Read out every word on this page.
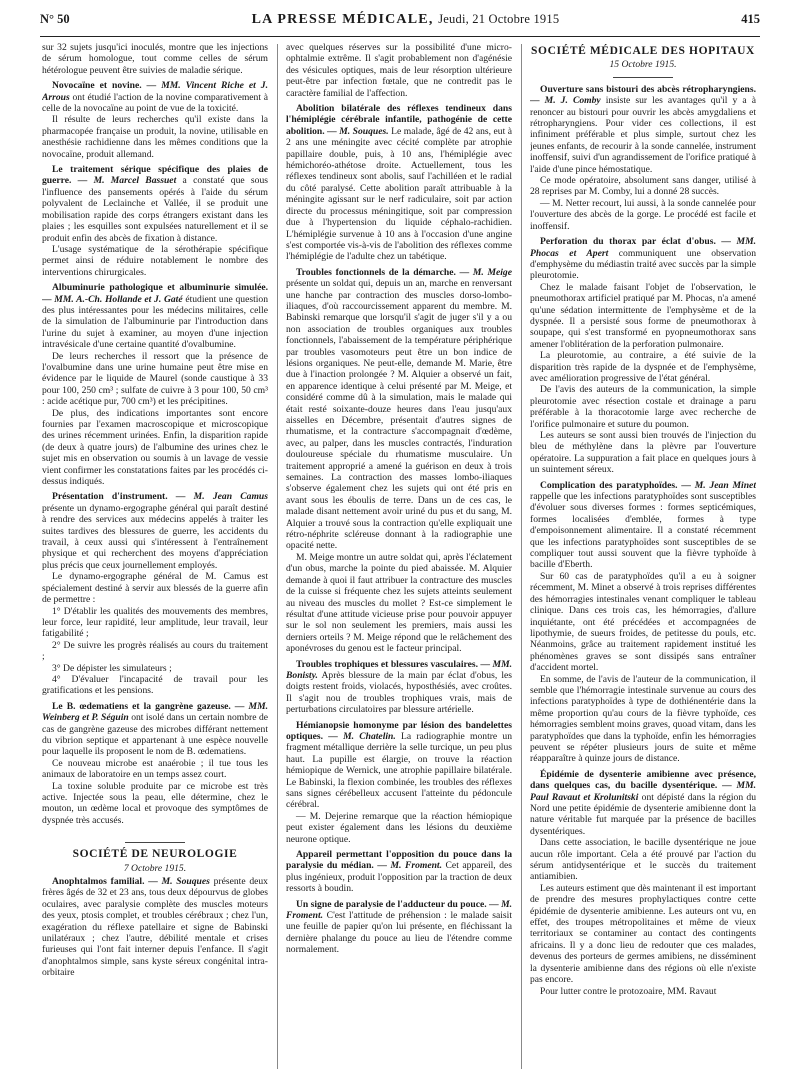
N° 50	LA PRESSE MÉDICALE, Jeudi, 21 Octobre 1915	415

sur 32 sujets jusqu'ici inoculés, montre que les injections de sérum homologue, tout comme celles de sérum hétérologue peuvent être suivies de maladie sérique.

Novocaïne et novine. — MM. Vincent Riche et J. Arrous ont étudié l'action de la novine comparativement à celle de la novocaïne au point de vue de la toxicité.

Il résulte de leurs recherches qu'il existe dans la pharmacopée française un produit, la novine, utilisable en anesthésie rachidienne dans les mêmes conditions que la novocaïne, produit allemand.

Le traitement sérique spécifique des plaies de guerre. — M. Marcel Bassuet a constaté que sous l'influence des pansements opérés à l'aide du sérum polyvalent de Leclainche et Vallée, il se produit une mobilisation rapide des corps étrangers existant dans les plaies ; les esquilles sont expulsées naturellement et il se produit enfin des abcès de fixation à distance.

L'usage systématique de la sérothérapie spécifique permet ainsi de réduire notablement le nombre des interventions chirurgicales.

Albuminurie pathologique et albuminurie simulée. — MM. A.-Ch. Hollande et J. Gaté étudient une question des plus intéressantes pour les médecins militaires, celle de la simulation de l'albuminurie par l'introduction dans l'urine du sujet à examiner, au moyen d'une injection intravésicale d'une certaine quantité d'ovalbumine.

De leurs recherches il ressort que la présence de l'ovalbumine dans une urine humaine peut être mise en évidence par le liquide de Maurel (sonde caustique à 33 pour 100, 250 cm³ ; sulfate de cuivre à 3 pour 100, 50 cm³ : acide acétique pur, 700 cm³) et les précipitines.

De plus, des indications importantes sont encore fournies par l'examen macroscopique et microscopique des urines récemment urinées. Enfin, la disparition rapide (de deux à quatre jours) de l'albumine des urines chez le sujet mis en observation ou soumis à un lavage de vessie vient confirmer les constatations faites par les procédés ci-dessus indiqués.

Présentation d'instrument. — M. Jean Camus présente un dynamo-ergographe général qui paraît destiné à rendre des services aux médecins appelés à traiter les suites tardives des blessures de guerre, les accidents du travail, à ceux aussi qui s'intéressent à l'entraînement physique et qui recherchent des moyens d'appréciation plus précis que ceux journellement employés.

Le dynamo-ergographe général de M. Camus est spécialement destiné à servir aux blessés de la guerre afin de permettre :

1° D'établir les qualités des mouvements des membres, leur force, leur rapidité, leur amplitude, leur travail, leur fatigabilité ;

2° De suivre les progrès réalisés au cours du traitement ;

3° De dépister les simulateurs ;

4° D'évaluer l'incapacité de travail pour les gratifications et les pensions.

Le B. œdematiens et la gangrène gazeuse. — MM. Weinberg et P. Séguin ont isolé dans un certain nombre de cas de gangrène gazeuse des microbes différant nettement du vibrion septique et appartenant à une espèce nouvelle pour laquelle ils proposent le nom de B. œdematiens.

Ce nouveau microbe est anaérobie ; il tue tous les animaux de laboratoire en un temps assez court.

La toxine soluble produite par ce microbe est très active. Injectée sous la peau, elle détermine, chez le mouton, un œdème local et provoque des symptômes de dyspnée très accusés.

SOCIÉTÉ DE NEUROLOGIE
7 Octobre 1915.

Anophtalmos familial. — M. Souques présente deux frères âgés de 32 et 23 ans, tous deux dépourvus de globes oculaires, avec paralysie complète des muscles moteurs des yeux, ptosis complet, et troubles cérébraux ; chez l'un, exagération du réflexe patellaire et signe de Babinski unilatéraux ; chez l'autre, débilité mentale et crises furieuses qui l'ont fait interner depuis l'enfance. Il s'agit d'anophtalmos simple, sans kyste séreux congénital intra-orbitaire

avec quelques réserves sur la possibilité d'une micro-ophtalmie extrême. Il s'agit probablement non d'agénésie des vésicules optiques, mais de leur résorption ultérieure peut-être par infection fœtale, que ne contredit pas le caractère familial de l'affection.

Abolition bilatérale des réflexes tendineux dans l'hémiplégie cérébrale infantile, pathogénie de cette abolition. — M. Souques. Le malade, âgé de 42 ans, eut à 2 ans une méningite avec cécité complète par atrophie papillaire double, puis, à 10 ans, l'hémiplégie avec hémichoréo-athétose droite. Actuellement, tous les réflexes tendineux sont abolis, sauf l'achilléen et le radial du côté paralysé. Cette abolition paraît attribuable à la méningite agissant sur le nerf radiculaire, soit par action directe du processus méningitique, soit par compression due à l'hypertension du liquide céphalo-rachidien. L'hémiplégie survenue à 10 ans à l'occasion d'une angine s'est comportée vis-à-vis de l'abolition des réflexes comme l'hémiplégie de l'adulte chez un tabétique.

Troubles fonctionnels de la démarche. — M. Meige présente un soldat qui, depuis un an, marche en renversant une hanche par contraction des muscles dorso-lombo-iliaques, d'où raccourcissement apparent du membre. M. Babinski remarque que lorsqu'il s'agit de juger s'il y a ou non association de troubles organiques aux troubles fonctionnels, l'abaissement de la température périphérique par troubles vasomoteurs peut être un bon indice de lésions organiques. Ne peut-elle, demande M. Marie, être due à l'inaction prolongée ? M. Alquier a observé un fait, en apparence identique à celui présenté par M. Meige, et considéré comme dû à la simulation, mais le malade qui était resté soixante-douze heures dans l'eau jusqu'aux aisselles en Décembre, présentait d'autres signes de rhumatisme, et la contracture s'accompagnait d'œdème, avec, au palper, dans les muscles contractés, l'induration douloureuse spéciale du rhumatisme musculaire. Un traitement approprié a amené la guérison en deux à trois semaines. La contraction des masses lombo-iliaques s'observe également chez les sujets qui ont été pris en avant sous les éboulis de terre. Dans un de ces cas, le malade disant nettement avoir uriné du pus et du sang, M. Alquier a trouvé sous la contraction qu'elle expliquait une rétro-néphrite scléreuse donnant à la radiographie une opacité nette.

M. Meige montre un autre soldat qui, après l'éclatement d'un obus, marche la pointe du pied abaissée. M. Alquier demande à quoi il faut attribuer la contracture des muscles de la cuisse si fréquente chez les sujets atteints seulement au niveau des muscles du mollet ? Est-ce simplement le résultat d'une attitude vicieuse prise pour pouvoir appuyer sur le sol non seulement les premiers, mais aussi les derniers orteils ? M. Meige répond que le relâchement des aponévroses du genou est le facteur principal.

Troubles trophiques et blessures vasculaires. — MM. Bonisty. Après blessure de la main par éclat d'obus, les doigts restent froids, violacés, hyposthésiés, avec croûtes. Il s'agit nou de troubles trophiques vrais, mais de perturbations circulatoires par blessure artérielle.

Hémianopsie homonyme par lésion des bandelettes optiques. — M. Chatelin. La radiographie montre un fragment métallique derrière la selle turcique, un peu plus haut. La pupille est élargie, on trouve la réaction hémiopique de Wernick, une atrophie papillaire bilatérale. Le Babinski, la flexion combinée, les troubles des réflexes sans signes cérébelleux accusent l'atteinte du pédoncule cérébral.

— M. Dejerine remarque que la réaction hémiopique peut exister également dans les lésions du deuxième neurone optique.

Appareil permettant l'opposition du pouce dans la paralysie du médian. — M. Froment. Cet appareil, des plus ingénieux, produit l'opposition par la traction de deux ressorts à boudin.

Un signe de paralysie de l'adducteur du pouce. — M. Froment. C'est l'attitude de préhension : le malade saisit une feuille de papier qu'on lui présente, en fléchissant la dernière phalange du pouce au lieu de l'étendre comme normalement.

SOCIÉTÉ MÉDICALE DES HOPITAUX
15 Octobre 1915.

Ouverture sans bistouri des abcès rétropharyngiens. — M. J. Comby insiste sur les avantages qu'il y a à renoncer au bistouri pour ouvrir les abcès amygdaliens et rétropharyngiens. Pour vider ces collections, il est infiniment préférable et plus simple, surtout chez les jeunes enfants, de recourir à la sonde cannelée, instrument inoffensif, suivi d'un agrandissement de l'orifice pratiqué à l'aide d'une pince hémostatique.

Ce mode opératoire, absolument sans danger, utilisé à 28 reprises par M. Comby, lui a donné 28 succès.

— M. Netter recourt, lui aussi, à la sonde cannelée pour l'ouverture des abcès de la gorge. Le procédé est facile et inoffensif.

Perforation du thorax par éclat d'obus. — MM. Phocas et Apert communiquent une observation d'emphysème du médiastin traité avec succès par la simple pleurotomie.

Chez le malade faisant l'objet de l'observation, le pneumothorax artificiel pratiqué par M. Phocas, n'a amené qu'une sédation intermittente de l'emphysème et de la dyspnée. Il a persisté sous forme de pneumothorax à soupape, qui s'est transformé en pyopneumothorax sans amener l'oblitération de la perforation pulmonaire.

La pleurotomie, au contraire, a été suivie de la disparition très rapide de la dyspnée et de l'emphysème, avec amélioration progressive de l'état général.

De l'avis des auteurs de la communication, la simple pleurotomie avec résection costale et drainage a paru préférable à la thoracotomie large avec recherche de l'orifice pulmonaire et suture du poumon.

Les auteurs se sont aussi bien trouvés de l'injection du bleu de méthylène dans la plèvre par l'ouverture opératoire. La suppuration a fait place en quelques jours à un suintement séreux.

Complication des paratyphoïdes. — M. Jean Minet rappelle que les infections paratyphoïdes sont susceptibles d'évoluer sous diverses formes : formes septicémiques, formes localisées d'emblée, formes à type d'empoisonnement alimentaire. Il a constaté récemment que les infections paratyphoïdes sont susceptibles de se compliquer tout aussi souvent que la fièvre typhoïde à bacille d'Eberth.

Sur 60 cas de paratyphoïdes qu'il a eu à soigner récemment, M. Minet a observé à trois reprises différentes des hémorragies intestinales venant compliquer le tableau clinique. Dans ces trois cas, les hémorragies, d'allure inquiétante, ont été précédées et accompagnées de lipothymie, de sueurs froides, de petitesse du pouls, etc. Néanmoins, grâce au traitement rapidement institué les phénomènes graves se sont dissipés sans entraîner d'accident mortel.

En somme, de l'avis de l'auteur de la communication, il semble que l'hémorragie intestinale survenue au cours des infections paratyphoïdes à type de dothiénentérie dans la même proportion qu'au cours de la fièvre typhoïde, ces hémorragies semblent moins graves, quoad vitam, dans les paratyphoïdes que dans la typhoïde, enfin les hémorragies peuvent se répéter plusieurs jours de suite et même réapparaître à quinze jours de distance.

Épidémie de dysenterie amibienne avec présence, dans quelques cas, du bacille dysentérique. — MM. Paul Ravaut et Krolunitski ont dépisté dans la région du Nord une petite épidémie de dysenterie amibienne dont la nature véritable fut marquée par la présence de bacilles dysentériques.

Dans cette association, le bacille dysentérique ne joue aucun rôle important. Cela a été prouvé par l'action du sérum antidysentérique et le succès du traitement antiamibien.

Les auteurs estiment que dès maintenant il est important de prendre des mesures prophylactiques contre cette épidémie de dysenterie amibienne. Les auteurs ont vu, en effet, des troupes métropolitaines et même de vieux territoriaux se contaminer au contact des contingents africains. Il y a donc lieu de redouter que ces malades, devenus des porteurs de germes amibiens, ne disséminent la dysenterie amibienne dans des régions où elle n'existe pas encore.

Pour lutter contre le protozoaire, MM. Ravaut
